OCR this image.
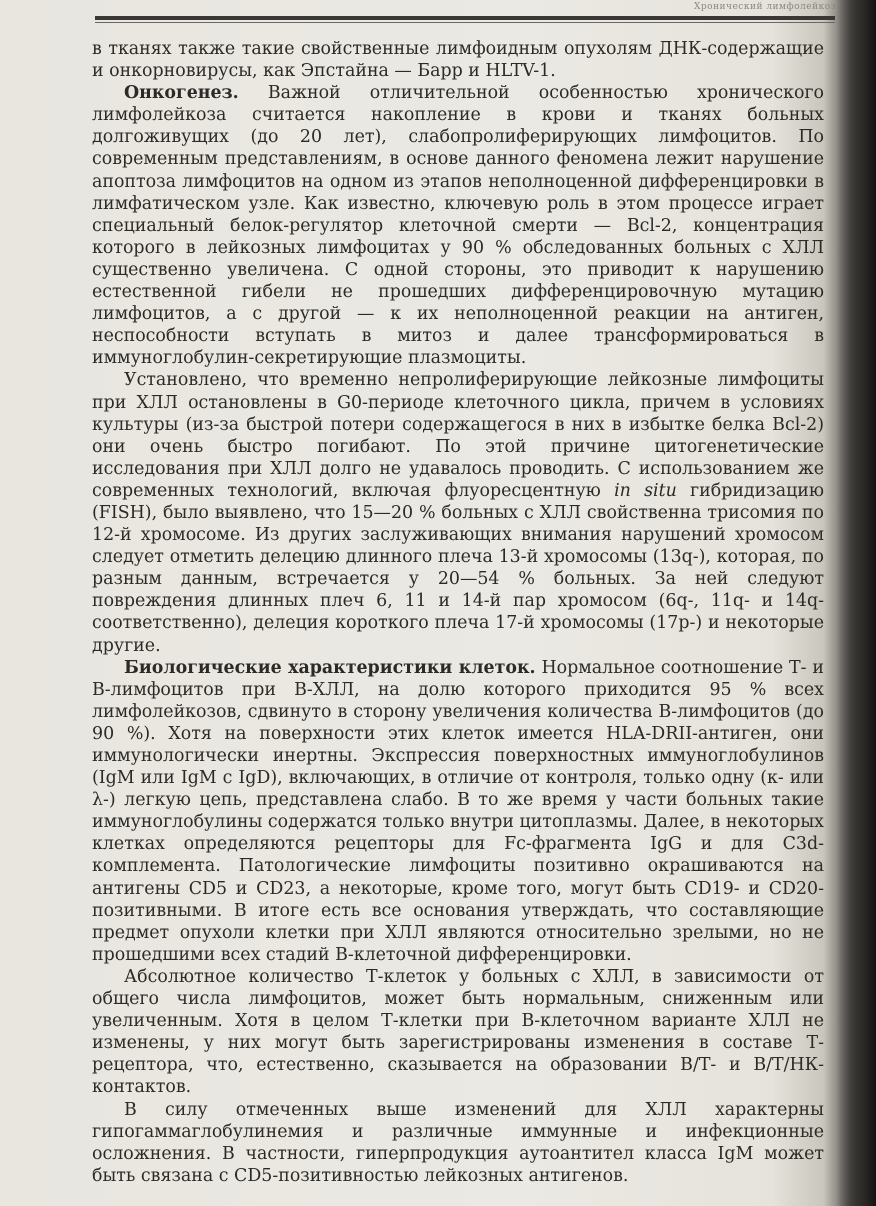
Хронический лимфолейкоз

в тканях также такие свойственные лимфоидным опухолям ДНК-содержащие и онкорновирусы, как Эпстайна — Барр и HLTV-1.

Онкогенез. Важной отличительной особенностью хронического лимфолейкоза считается накопление в крови и тканях больных долгоживущих (до 20 лет), слабопролиферирующих лимфоцитов. По современным представлениям, в основе данного феномена лежит нарушение апоптоза лимфоцитов на одном из этапов неполноценной дифференцировки в лимфатическом узле. Как известно, ключевую роль в этом процессе играет специальный белок-регулятор клеточной смерти — Bcl-2, концентрация которого в лейкозных лимфоцитах у 90 % обследованных больных с ХЛЛ существенно увеличена. С одной стороны, это приводит к нарушению естественной гибели не прошедших дифференцировочную мутацию лимфоцитов, а с другой — к их неполноценной реакции на антиген, неспособности вступать в митоз и далее трансформироваться в иммуноглобулин-секретирующие плазмоциты.

Установлено, что временно непролиферирующие лейкозные лимфоциты при ХЛЛ остановлены в G0-периоде клеточного цикла, причем в условиях культуры (из-за быстрой потери содержащегося в них в избытке белка Bcl-2) они очень быстро погибают. По этой причине цитогенетические исследования при ХЛЛ долго не удавалось проводить. С использованием же современных технологий, включая флуоресцентную in situ гибридизацию (FISH), было выявлено, что 15—20 % больных с ХЛЛ свойственна трисомия по 12-й хромосоме. Из других заслуживающих внимания нарушений хромосом следует отметить делецию длинного плеча 13-й хромосомы (13q-), которая, по разным данным, встречается у 20—54 % больных. За ней следуют повреждения длинных плеч 6, 11 и 14-й пар хромосом (6q-, 11q- и 14q- соответственно), делеция короткого плеча 17-й хромосомы (17p-) и некоторые другие.

Биологические характеристики клеток. Нормальное соотношение Т- и В-лимфоцитов при В-ХЛЛ, на долю которого приходится 95 % всех лимфолейкозов, сдвинуто в сторону увеличения количества В-лимфоцитов (до 90 %). Хотя на поверхности этих клеток имеется HLA-DRII-антиген, они иммунологически инертны. Экспрессия поверхностных иммуноглобулинов (IgM или IgM с IgD), включающих, в отличие от контроля, только одну (κ- или λ-) легкую цепь, представлена слабо. В то же время у части больных такие иммуноглобулины содержатся только внутри цитоплазмы. Далее, в некоторых клетках определяются рецепторы для Fc-фрагмента IgG и для C3d-комплемента. Патологические лимфоциты позитивно окрашиваются на антигены CD5 и CD23, а некоторые, кроме того, могут быть CD19- и CD20-позитивными. В итоге есть все основания утверждать, что составляющие предмет опухоли клетки при ХЛЛ являются относительно зрелыми, но не прошедшими всех стадий В-клеточной дифференцировки.

Абсолютное количество Т-клеток у больных с ХЛЛ, в зависимости от общего числа лимфоцитов, может быть нормальным, сниженным или увеличенным. Хотя в целом Т-клетки при В-клеточном варианте ХЛЛ не изменены, у них могут быть зарегистрированы изменения в составе Т-рецептора, что, естественно, сказывается на образовании В/Т- и В/Т/НК-контактов.

В силу отмеченных выше изменений для ХЛЛ характерны гипогаммаглобулинемия и различные иммунные и инфекционные осложнения. В частности, гиперпродукция аутоантител класса IgM может быть связана с CD5-позитивностью лейкозных антигенов.
